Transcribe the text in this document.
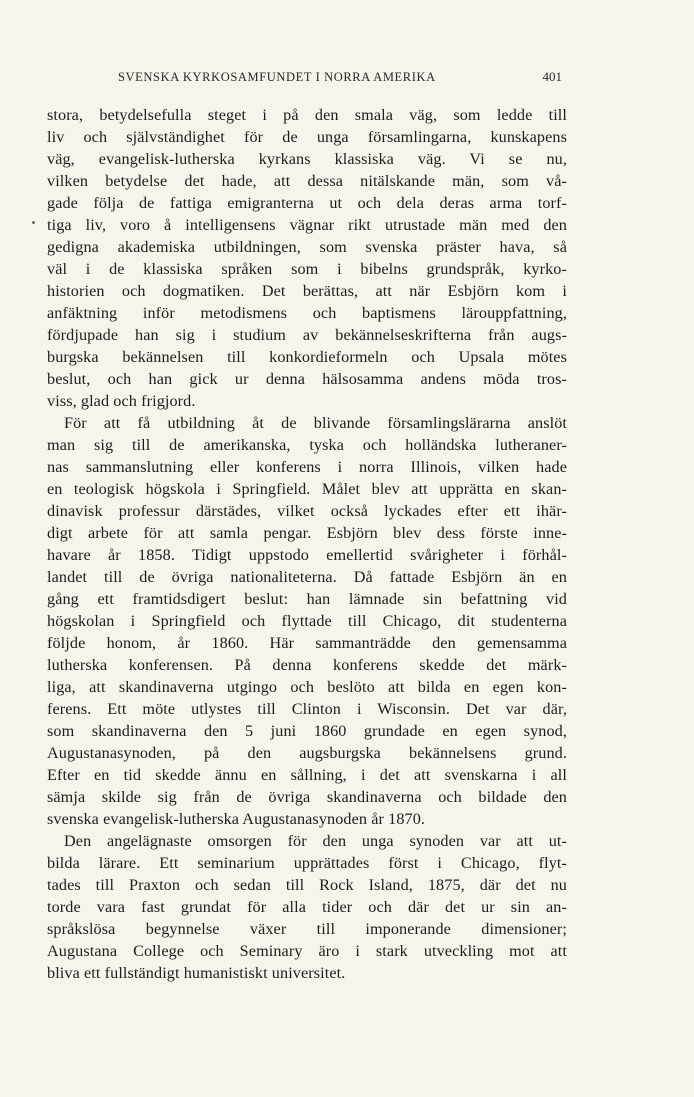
SVENSKA KYRKOSAMFUNDET I NORRA AMERIKA	401
stora, betydelsefulla steget i på den smala väg, som ledde till
liv och självständighet för de unga församlingarna, kunskapens
väg, evangelisk-lutherska kyrkans klassiska väg. Vi se nu,
vilken betydelse det hade, att dessa nitälskande män, som vå-
gade följa de fattiga emigranterna ut och dela deras arma torf-
tiga liv, voro å intelligensens vägnar rikt utrustade män med den
gedigna akademiska utbildningen, som svenska präster hava, så
väl i de klassiska språken som i bibelns grundspråk, kyrko-
historien och dogmatiken. Det berättas, att när Esbjörn kom i
anfäktning inför metodismens och baptismens lärouppfattning,
fördjupade han sig i studium av bekännelseskrifterna från augs-
burgska bekännelsen till konkordieformeln och Upsala mötes
beslut, och han gick ur denna hälsosamma andens möda tros-
viss, glad och frigjord.
För att få utbildning åt de blivande församlingslärarna anslöt
man sig till de amerikanska, tyska och holländska lutheraner-
nas sammanslutning eller konferens i norra Illinois, vilken hade
en teologisk högskola i Springfield. Målet blev att upprätta en skan-
dinavisk professur därstädes, vilket också lyckades efter ett ihär-
digt arbete för att samla pengar. Esbjörn blev dess förste inne-
havare år 1858. Tidigt uppstodo emellertid svårigheter i förhål-
landet till de övriga nationaliteterna. Då fattade Esbjörn än en
gång ett framtidsdigert beslut: han lämnade sin befattning vid
högskolan i Springfield och flyttade till Chicago, dit studenterna
följde honom, år 1860. Här sammanträdde den gemensamma
lutherska konferensen. På denna konferens skedde det märk-
liga, att skandinaverna utgingo och beslöto att bilda en egen kon-
ferens. Ett möte utlystes till Clinton i Wisconsin. Det var där,
som skandinaverna den 5 juni 1860 grundade en egen synod,
Augustanasynoden, på den augsburgska bekännelsens grund.
Efter en tid skedde ännu en sållning, i det att svenskarna i all
sämja skilde sig från de övriga skandinaverna och bildade den
svenska evangelisk-lutherska Augustanasynoden år 1870.
Den angelägnaste omsorgen för den unga synoden var att ut-
bilda lärare. Ett seminarium upprättades först i Chicago, flyt-
tades till Praxton och sedan till Rock Island, 1875, där det nu
torde vara fast grundat för alla tider och där det ur sin an-
språkslösa begynnelse växer till imponerande dimensioner;
Augustana College och Seminary äro i stark utveckling mot att
bliva ett fullständigt humanistiskt universitet.
